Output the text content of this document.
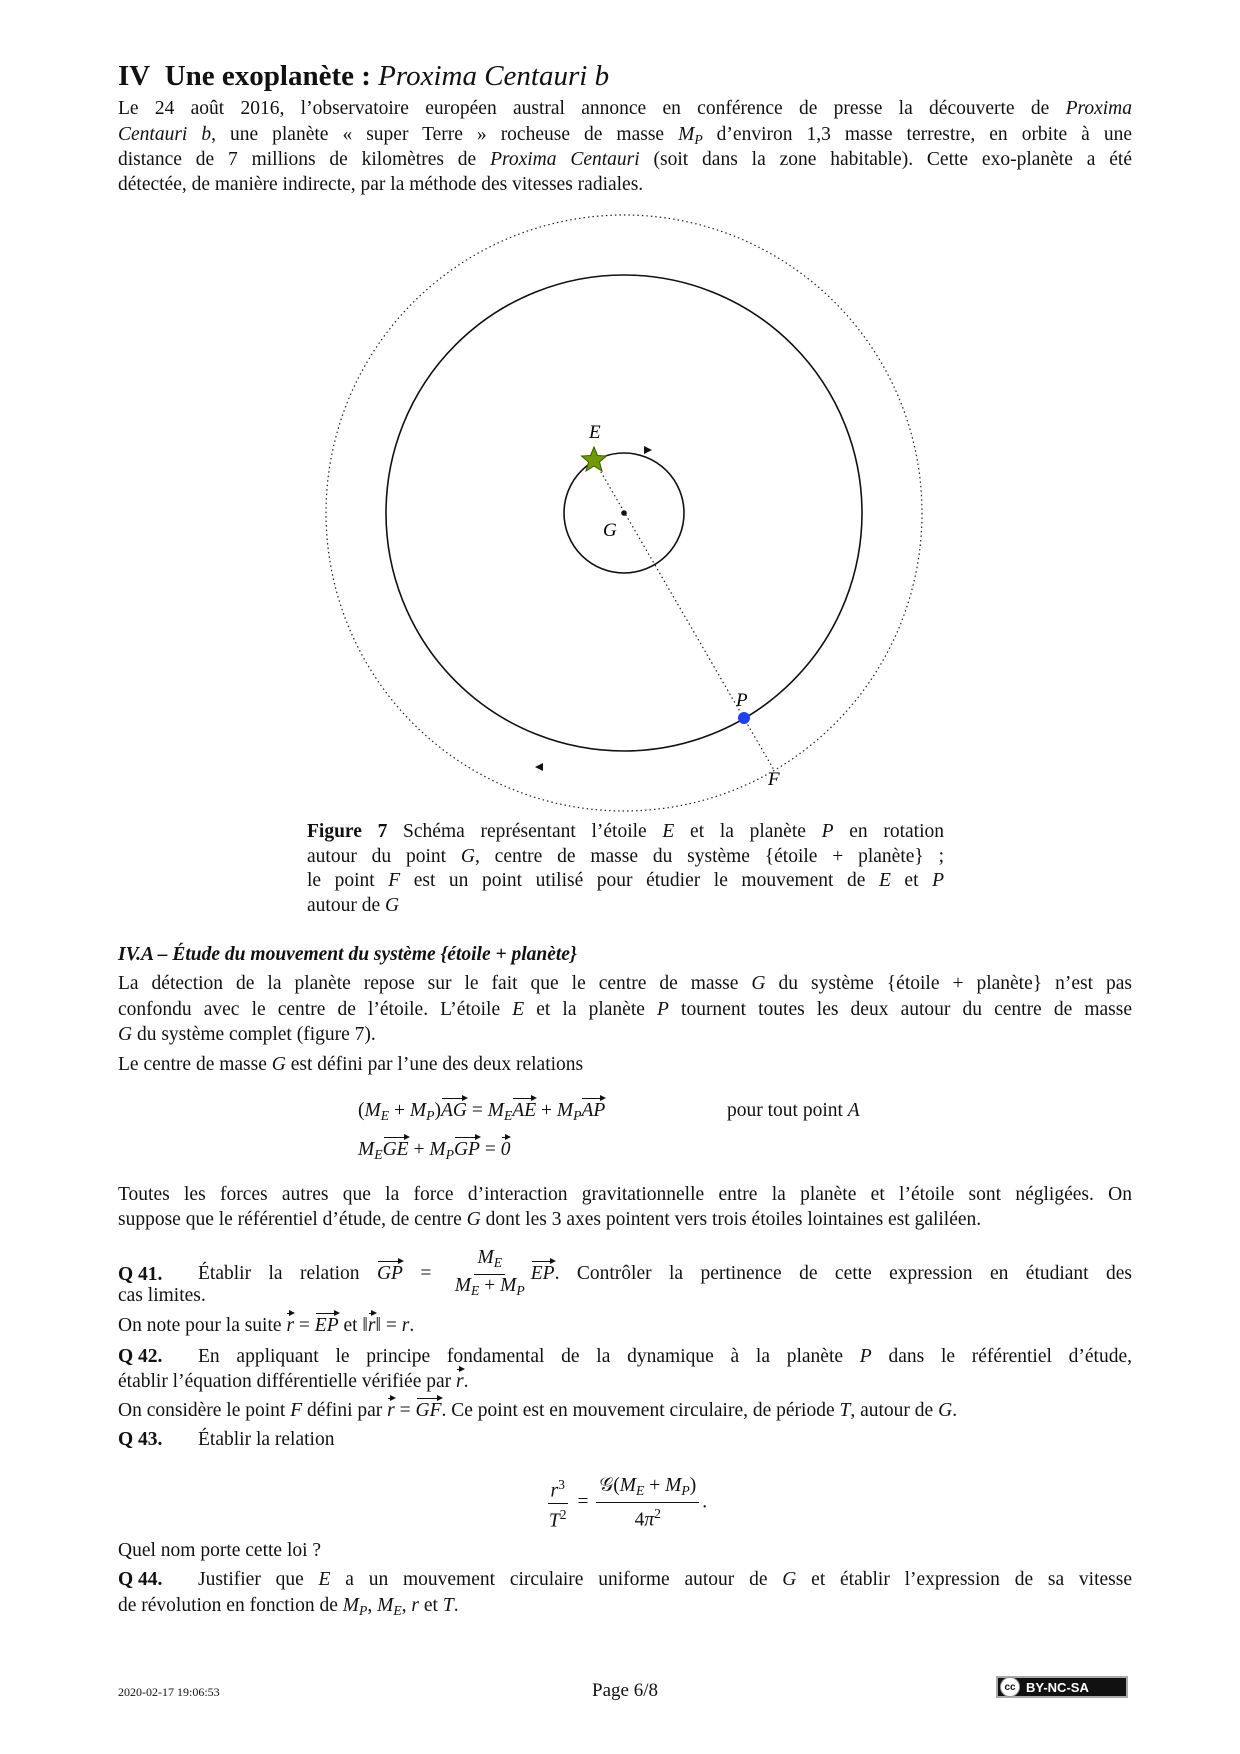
IV Une exoplanète : Proxima Centauri b
Le 24 août 2016, l’observatoire européen austral annonce en conférence de presse la découverte de Proxima
Centauri b, une planète « super Terre » rocheuse de masse $M_P$ d’environ 1,3 masse terrestre, en orbite à une
distance de 7 millions de kilomètres de Proxima Centauri (soit dans la zone habitable). Cette exo-planète a été
détectée, de manière indirecte, par la méthode des vitesses radiales.
E
G
P
F
Figure 7 Schéma représentant l’étoile E et la planète P en rotation
autour du point G, centre de masse du système {étoile + planète} ;
le point F est un point utilisé pour étudier le mouvement de E et P
autour de G
IV.A – Étude du mouvement du système {étoile + planète}
La détection de la planète repose sur le fait que le centre de masse G du système {étoile + planète} n’est pas
confondu avec le centre de l’étoile. L’étoile E et la planète P tournent toutes les deux autour du centre de masse
G du système complet (figure 7).
Le centre de masse G est défini par l’une des deux relations
$(M_E + M_P)AG = M_EAE + M_PAP$	pour tout point A
$M_EGE + M_PGP = 0$
Toutes les forces autres que la force d’interaction gravitationnelle entre la planète et l’étoile sont négligées. On
suppose que le référentiel d’étude, de centre G dont les 3 axes pointent vers trois étoiles lointaines est galiléen.
Q 41.	Établir la relation GP = $\frac{M_E}{M_E + M_P}$ EP. Contrôler la pertinence de cette expression en étudiant des
cas limites.
On note pour la suite r = EP et ‖r‖ = r.
Q 42.	En appliquant le principe fondamental de la dynamique à la planète P dans le référentiel d’étude,
établir l’équation différentielle vérifiée par r.
On considère le point F défini par r = GF. Ce point est en mouvement circulaire, de période T, autour de G.
Q 43.	Établir la relation
$\frac{r^3}{T^2} = \frac{𝒢(M_E + M_P)}{4\pi^2}$ .
Quel nom porte cette loi ?
Q 44.	Justifier que E a un mouvement circulaire uniforme autour de G et établir l’expression de sa vitesse
de révolution en fonction de $M_P$, $M_E$, r et T.
2020-02-17 19:06:53	Page 6/8	cc BY-NC-SA
